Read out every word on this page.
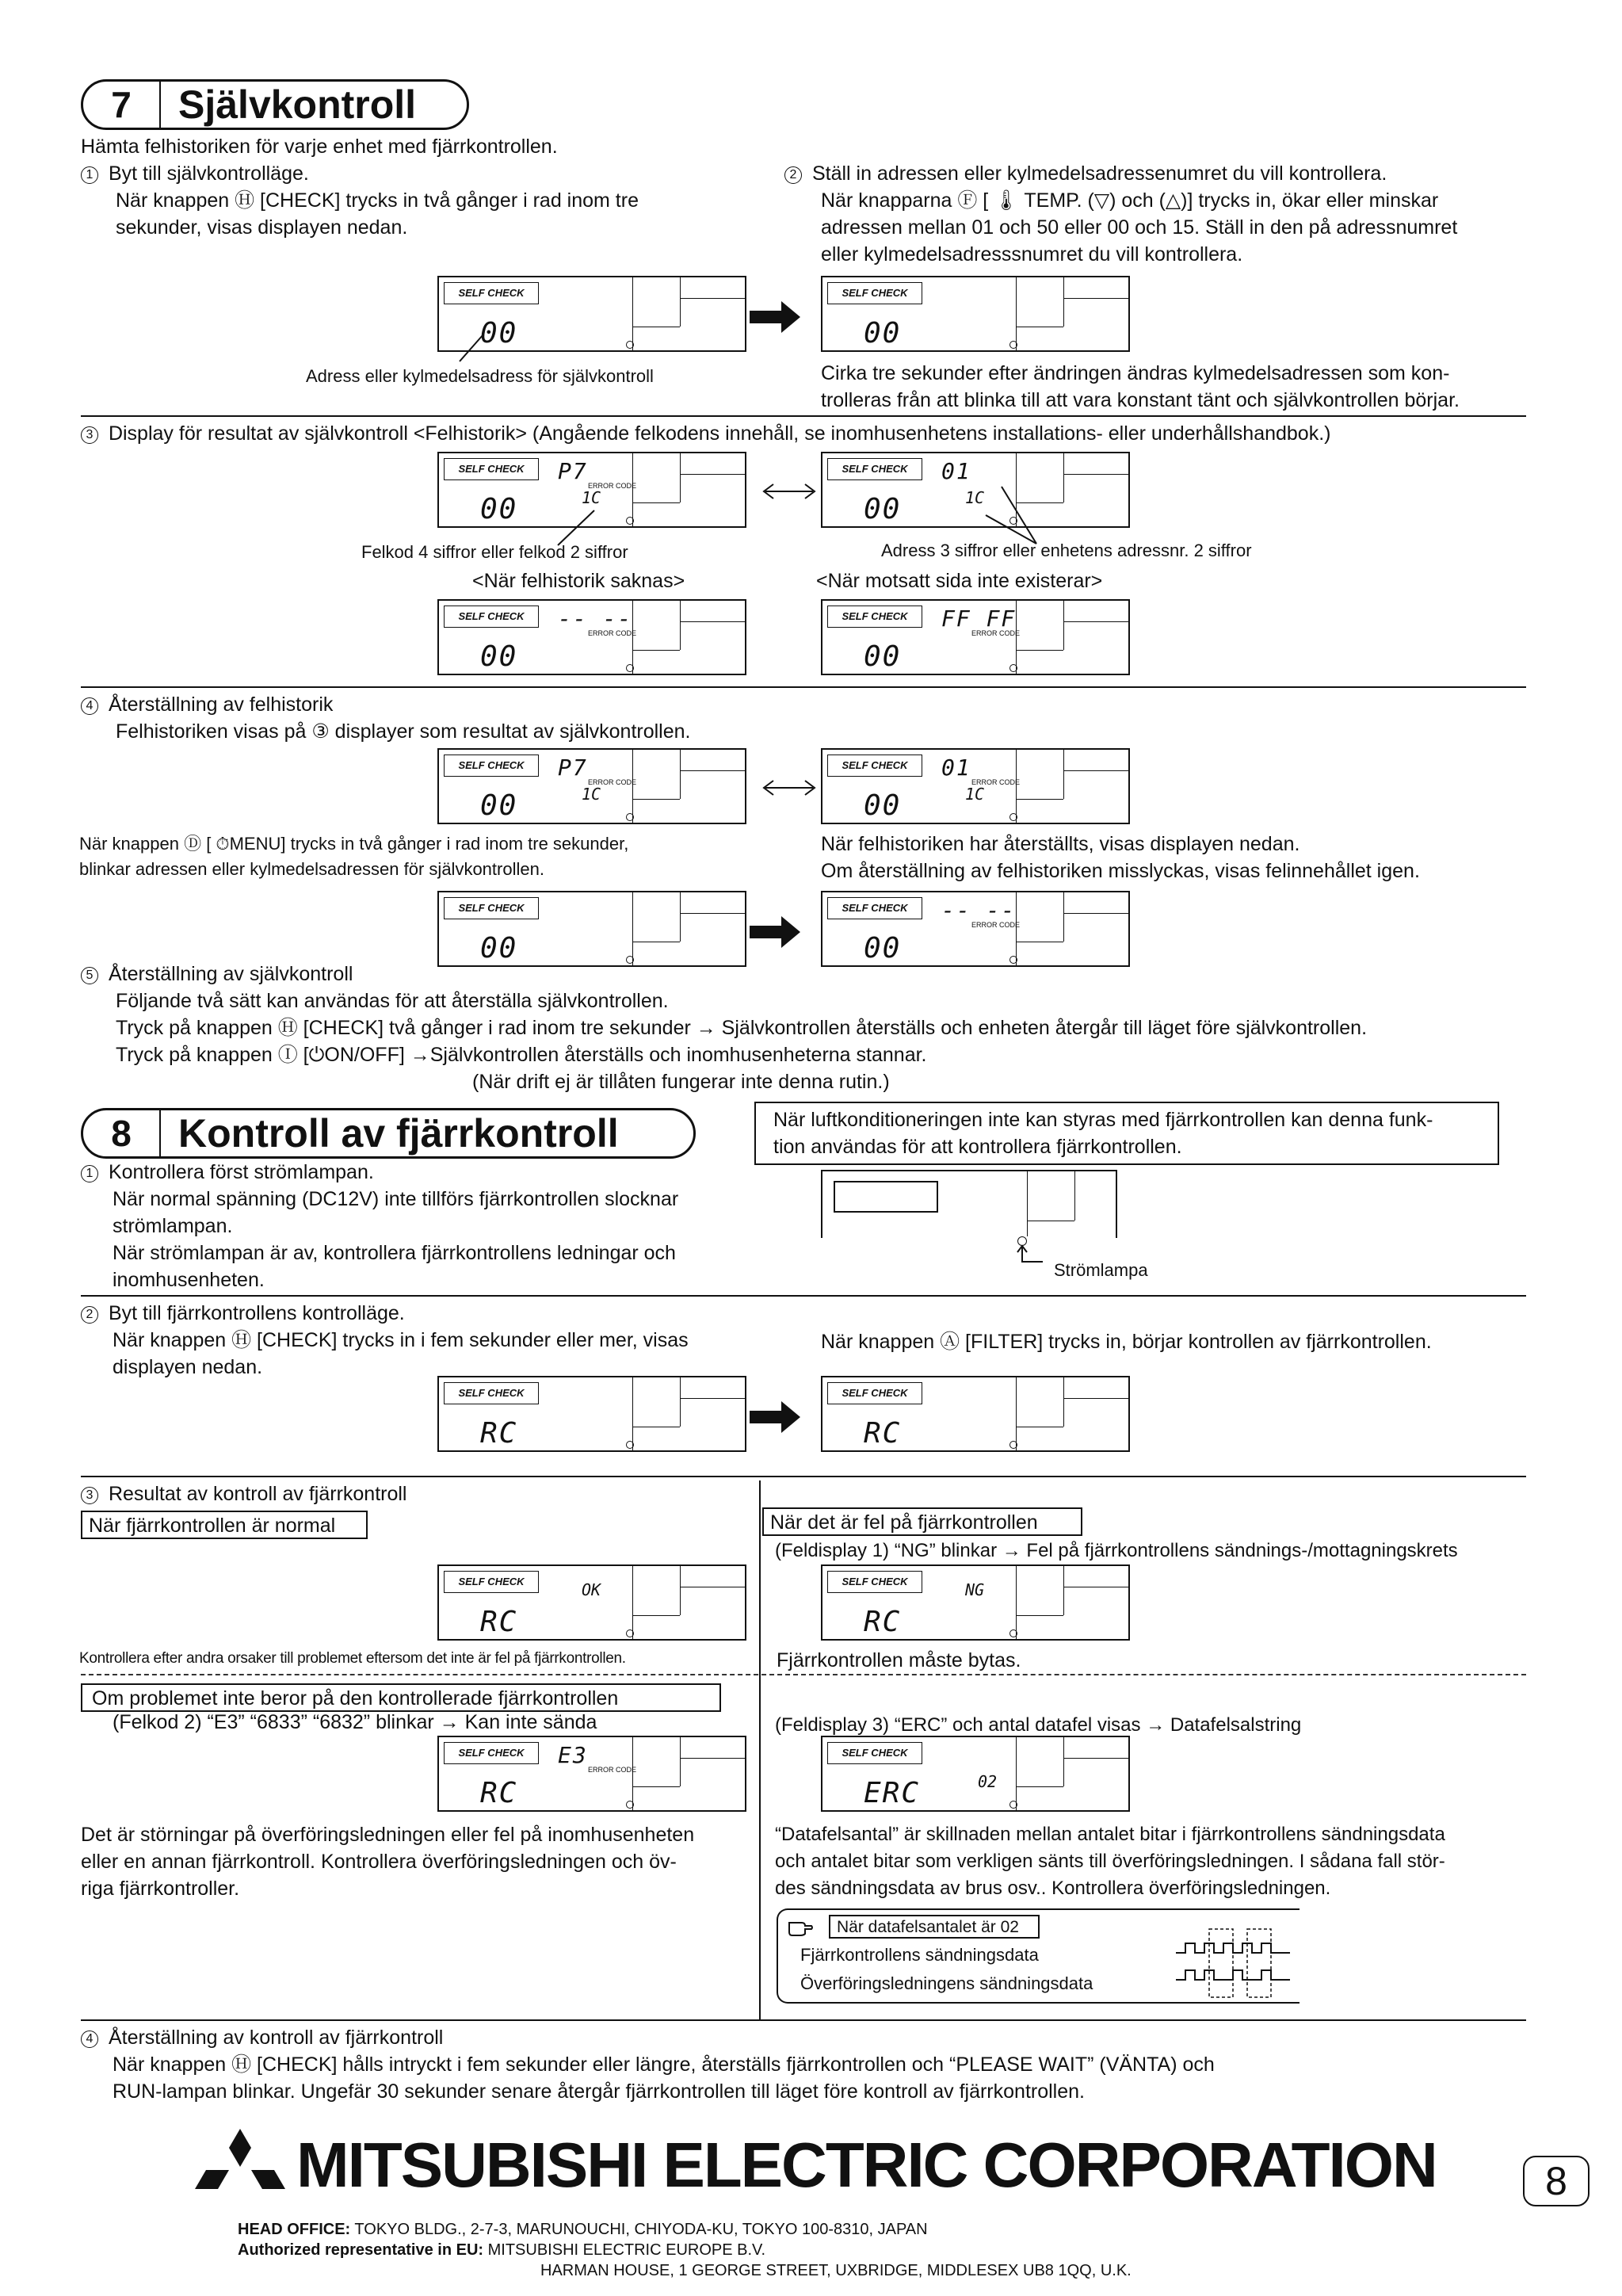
7	Självkontroll
Hämta felhistoriken för varje enhet med fjärrkontrollen.
1 Byt till självkontrolläge.
När knappen Ⓗ [CHECK] trycks in två gånger i rad inom tre
sekunder, visas displayen nedan.
2 Ställ in adressen eller kylmedelsadressenumret du vill kontrollera.
När knapparna Ⓕ [ 🌡 TEMP. (▽) och (△)] trycks in, ökar eller minskar
adressen mellan 01 och 50 eller 00 och 15. Ställ in den på adressnumret
eller kylmedelsadresssnumret du vill kontrollera.
SELF CHECK
00
SELF CHECK
00
Adress eller kylmedelsadress för självkontroll	Cirka tre sekunder efter ändringen ändras kylmedelsadressen som kon-
trolleras från att blinka till att vara konstant tänt och självkontrollen börjar.
3 Display för resultat av självkontroll <Felhistorik> (Angående felkodens innehåll, se inomhusenhetens installations- eller underhållshandbok.)
SELF CHECK	P7
ERROR CODE
1C
00
SELF CHECK	01
1C
00
Felkod 4 siffror eller felkod 2 siffror	Adress 3 siffror eller enhetens adressnr. 2 siffror
<När felhistorik saknas>	<När motsatt sida inte existerar>
SELF CHECK	-- --
ERROR CODE
00
SELF CHECK	FF FF
ERROR CODE
00
4 Återställning av felhistorik
Felhistoriken visas på ③ displayer som resultat av självkontrollen.
SELF CHECK	P7
ERROR CODE
1C
00
SELF CHECK	01
ERROR CODE
1C
00
När knappen Ⓓ [ ⏱MENU] trycks in två gånger i rad inom tre sekunder,
blinkar adressen eller kylmedelsadressen för självkontrollen.
När felhistoriken har återställts, visas displayen nedan.
Om återställning av felhistoriken misslyckas, visas felinnehållet igen.
SELF CHECK
00
SELF CHECK	-- --
ERROR CODE
00
5 Återställning av självkontroll
Följande två sätt kan användas för att återställa självkontrollen.
Tryck på knappen Ⓗ [CHECK] två gånger i rad inom tre sekunder → Självkontrollen återställs och enheten återgår till läget före självkontrollen.
Tryck på knappen Ⓘ [⏻ON/OFF] →Självkontrollen återställs och inomhusenheterna stannar.
(När drift ej är tillåten fungerar inte denna rutin.)
8	Kontroll av fjärrkontroll	När luftkonditioneringen inte kan styras med fjärrkontrollen kan denna funk-
tion användas för att kontrollera fjärrkontrollen.
1 Kontrollera först strömlampan.
När normal spänning (DC12V) inte tillförs fjärrkontrollen slocknar
strömlampan.
När strömlampan är av, kontrollera fjärrkontrollens ledningar och
inomhusenheten.	Strömlampa
2 Byt till fjärrkontrollens kontrolläge.
När knappen Ⓗ [CHECK] trycks in i fem sekunder eller mer, visas
displayen nedan.
När knappen Ⓐ [FILTER] trycks in, börjar kontrollen av fjärrkontrollen.
SELF CHECK
RC
SELF CHECK
RC
3 Resultat av kontroll av fjärrkontroll
När fjärrkontrollen är normal	När det är fel på fjärrkontrollen
(Feldisplay 1) “NG” blinkar → Fel på fjärrkontrollens sändnings-/mottagningskrets
SELF CHECK	OK
RC
SELF CHECK	NG
RC
Kontrollera efter andra orsaker till problemet eftersom det inte är fel på fjärrkontrollen.	Fjärrkontrollen måste bytas.
Om problemet inte beror på den kontrollerade fjärrkontrollen
(Felkod 2) “E3” “6833” “6832” blinkar → Kan inte sända	(Feldisplay 3) “ERC” och antal datafel visas → Datafelsalstring
SELF CHECK	E3
ERROR CODE
RC
SELF CHECK
02
ERC
Det är störningar på överföringsledningen eller fel på inomhusenheten
eller en annan fjärrkontroll. Kontrollera överföringsledningen och öv-
riga fjärrkontroller.
“Datafelsantal” är skillnaden mellan antalet bitar i fjärrkontrollens sändningsdata
och antalet bitar som verkligen sänts till överföringsledningen. I sådana fall stör-
des sändningsdata av brus osv.. Kontrollera överföringsledningen.
När datafelsantalet är 02
Fjärrkontrollens sändningsdata
Överföringsledningens sändningsdata
4 Återställning av kontroll av fjärrkontroll
När knappen Ⓗ [CHECK] hålls intryckt i fem sekunder eller längre, återställs fjärrkontrollen och “PLEASE WAIT” (VÄNTA) och
RUN-lampan blinkar. Ungefär 30 sekunder senare återgår fjärrkontrollen till läget före kontroll av fjärrkontrollen.
MITSUBISHI ELECTRIC CORPORATION
HEAD OFFICE: TOKYO BLDG., 2-7-3, MARUNOUCHI, CHIYODA-KU, TOKYO 100-8310, JAPAN
Authorized representative in EU: MITSUBISHI ELECTRIC EUROPE B.V.
HARMAN HOUSE, 1 GEORGE STREET, UXBRIDGE, MIDDLESEX UB8 1QQ, U.K.
8
